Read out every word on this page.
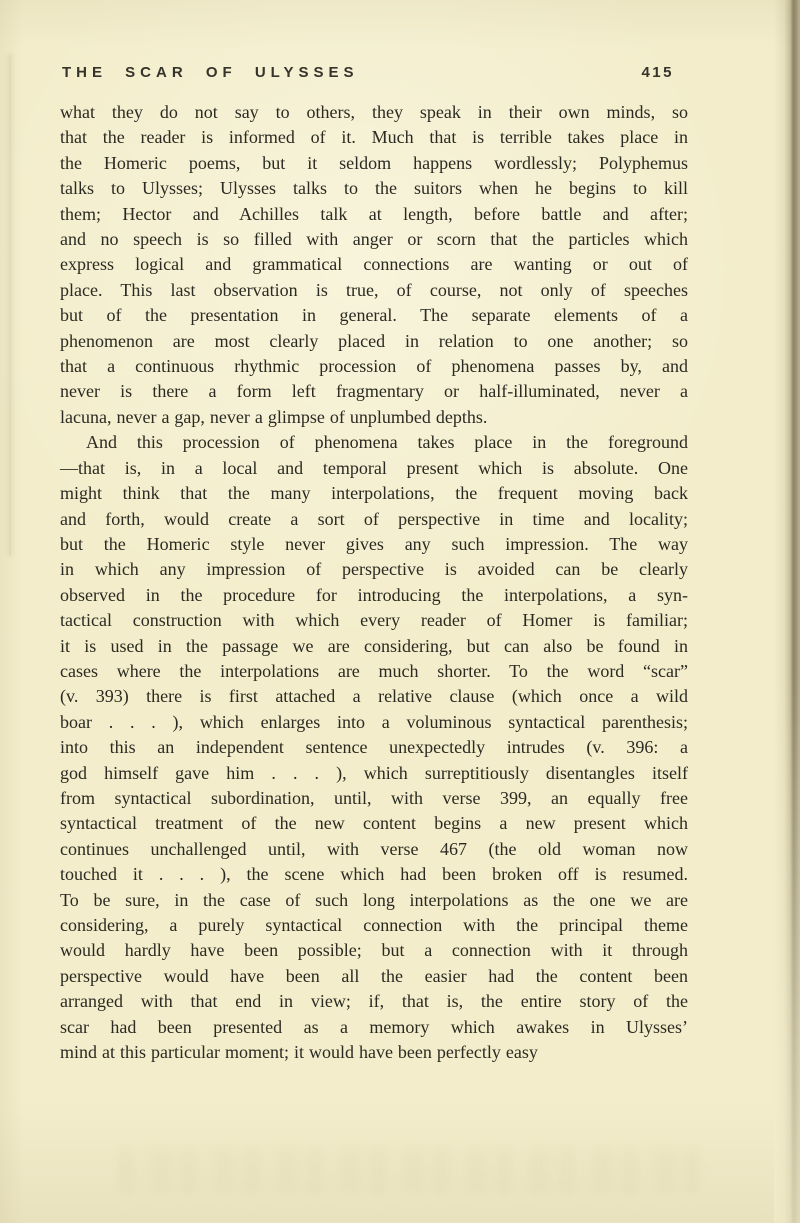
THE SCAR OF ULYSSES	415
what they do not say to others, they speak in their own minds, so
that the reader is informed of it. Much that is terrible takes place in
the Homeric poems, but it seldom happens wordlessly; Polyphemus
talks to Ulysses; Ulysses talks to the suitors when he begins to kill
them; Hector and Achilles talk at length, before battle and after;
and no speech is so filled with anger or scorn that the particles which
express logical and grammatical connections are wanting or out of
place. This last observation is true, of course, not only of speeches
but of the presentation in general. The separate elements of a
phenomenon are most clearly placed in relation to one another; so
that a continuous rhythmic procession of phenomena passes by, and
never is there a form left fragmentary or half-illuminated, never a
lacuna, never a gap, never a glimpse of unplumbed depths.
And this procession of phenomena takes place in the foreground
—that is, in a local and temporal present which is absolute. One
might think that the many interpolations, the frequent moving back
and forth, would create a sort of perspective in time and locality;
but the Homeric style never gives any such impression. The way
in which any impression of perspective is avoided can be clearly
observed in the procedure for introducing the interpolations, a syn-
tactical construction with which every reader of Homer is familiar;
it is used in the passage we are considering, but can also be found in
cases where the interpolations are much shorter. To the word “scar”
(v. 393) there is first attached a relative clause (which once a wild
boar . . . ), which enlarges into a voluminous syntactical parenthesis;
into this an independent sentence unexpectedly intrudes (v. 396: a
god himself gave him . . . ), which surreptitiously disentangles itself
from syntactical subordination, until, with verse 399, an equally free
syntactical treatment of the new content begins a new present which
continues unchallenged until, with verse 467 (the old woman now
touched it . . . ), the scene which had been broken off is resumed.
To be sure, in the case of such long interpolations as the one we are
considering, a purely syntactical connection with the principal theme
would hardly have been possible; but a connection with it through
perspective would have been all the easier had the content been
arranged with that end in view; if, that is, the entire story of the
scar had been presented as a memory which awakes in Ulysses’
mind at this particular moment; it would have been perfectly easy
